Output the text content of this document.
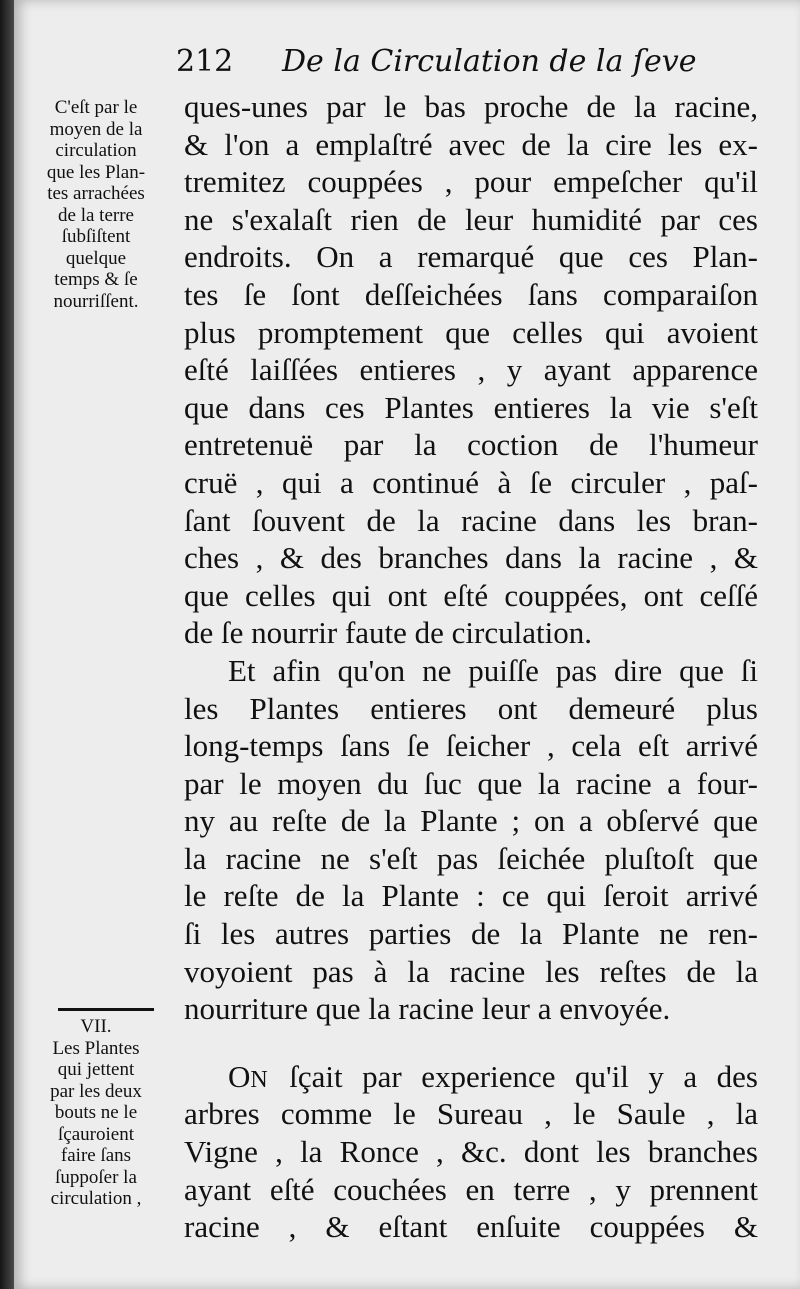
212 De la Circulation de la ſeve
C'eſt par le
moyen de la
circulation
que les Plan-
tes arrachées
de la terre
ſubſiſtent
quelque
temps & ſe
nourriſſent.
VII.
Les Plantes
qui jettent
par les deux
bouts ne le
ſçauroient
faire ſans
ſuppoſer la
circulation ,
ques-unes par le bas proche de la racine,
& l'on a emplaſtré avec de la cire les ex-
tremitez couppées , pour empeſcher qu'il
ne s'exalaſt rien de leur humidité par ces
endroits. On a remarqué que ces Plan-
tes ſe ſont deſſeichées ſans comparaiſon
plus promptement que celles qui avoient
eſté laiſſées entieres , y ayant apparence
que dans ces Plantes entieres la vie s'eſt
entretenuë par la coction de l'humeur
cruë , qui a continué à ſe circuler , paſ-
ſant ſouvent de la racine dans les bran-
ches , & des branches dans la racine , &
que celles qui ont eſté couppées, ont ceſſé
de ſe nourrir faute de circulation.
Et afin qu'on ne puiſſe pas dire que ſi
les Plantes entieres ont demeuré plus
long-temps ſans ſe ſeicher , cela eſt arrivé
par le moyen du ſuc que la racine a four-
ny au reſte de la Plante ; on a obſervé que
la racine ne s'eſt pas ſeichée pluſtoſt que
le reſte de la Plante : ce qui ſeroit arrivé
ſi les autres parties de la Plante ne ren-
voyoient pas à la racine les reſtes de la
nourriture que la racine leur a envoyée.
ON ſçait par experience qu'il y a des
arbres comme le Sureau , le Saule , la
Vigne , la Ronce , &c. dont les branches
ayant eſté couchées en terre , y prennent
racine , & eſtant enſuite couppées &
